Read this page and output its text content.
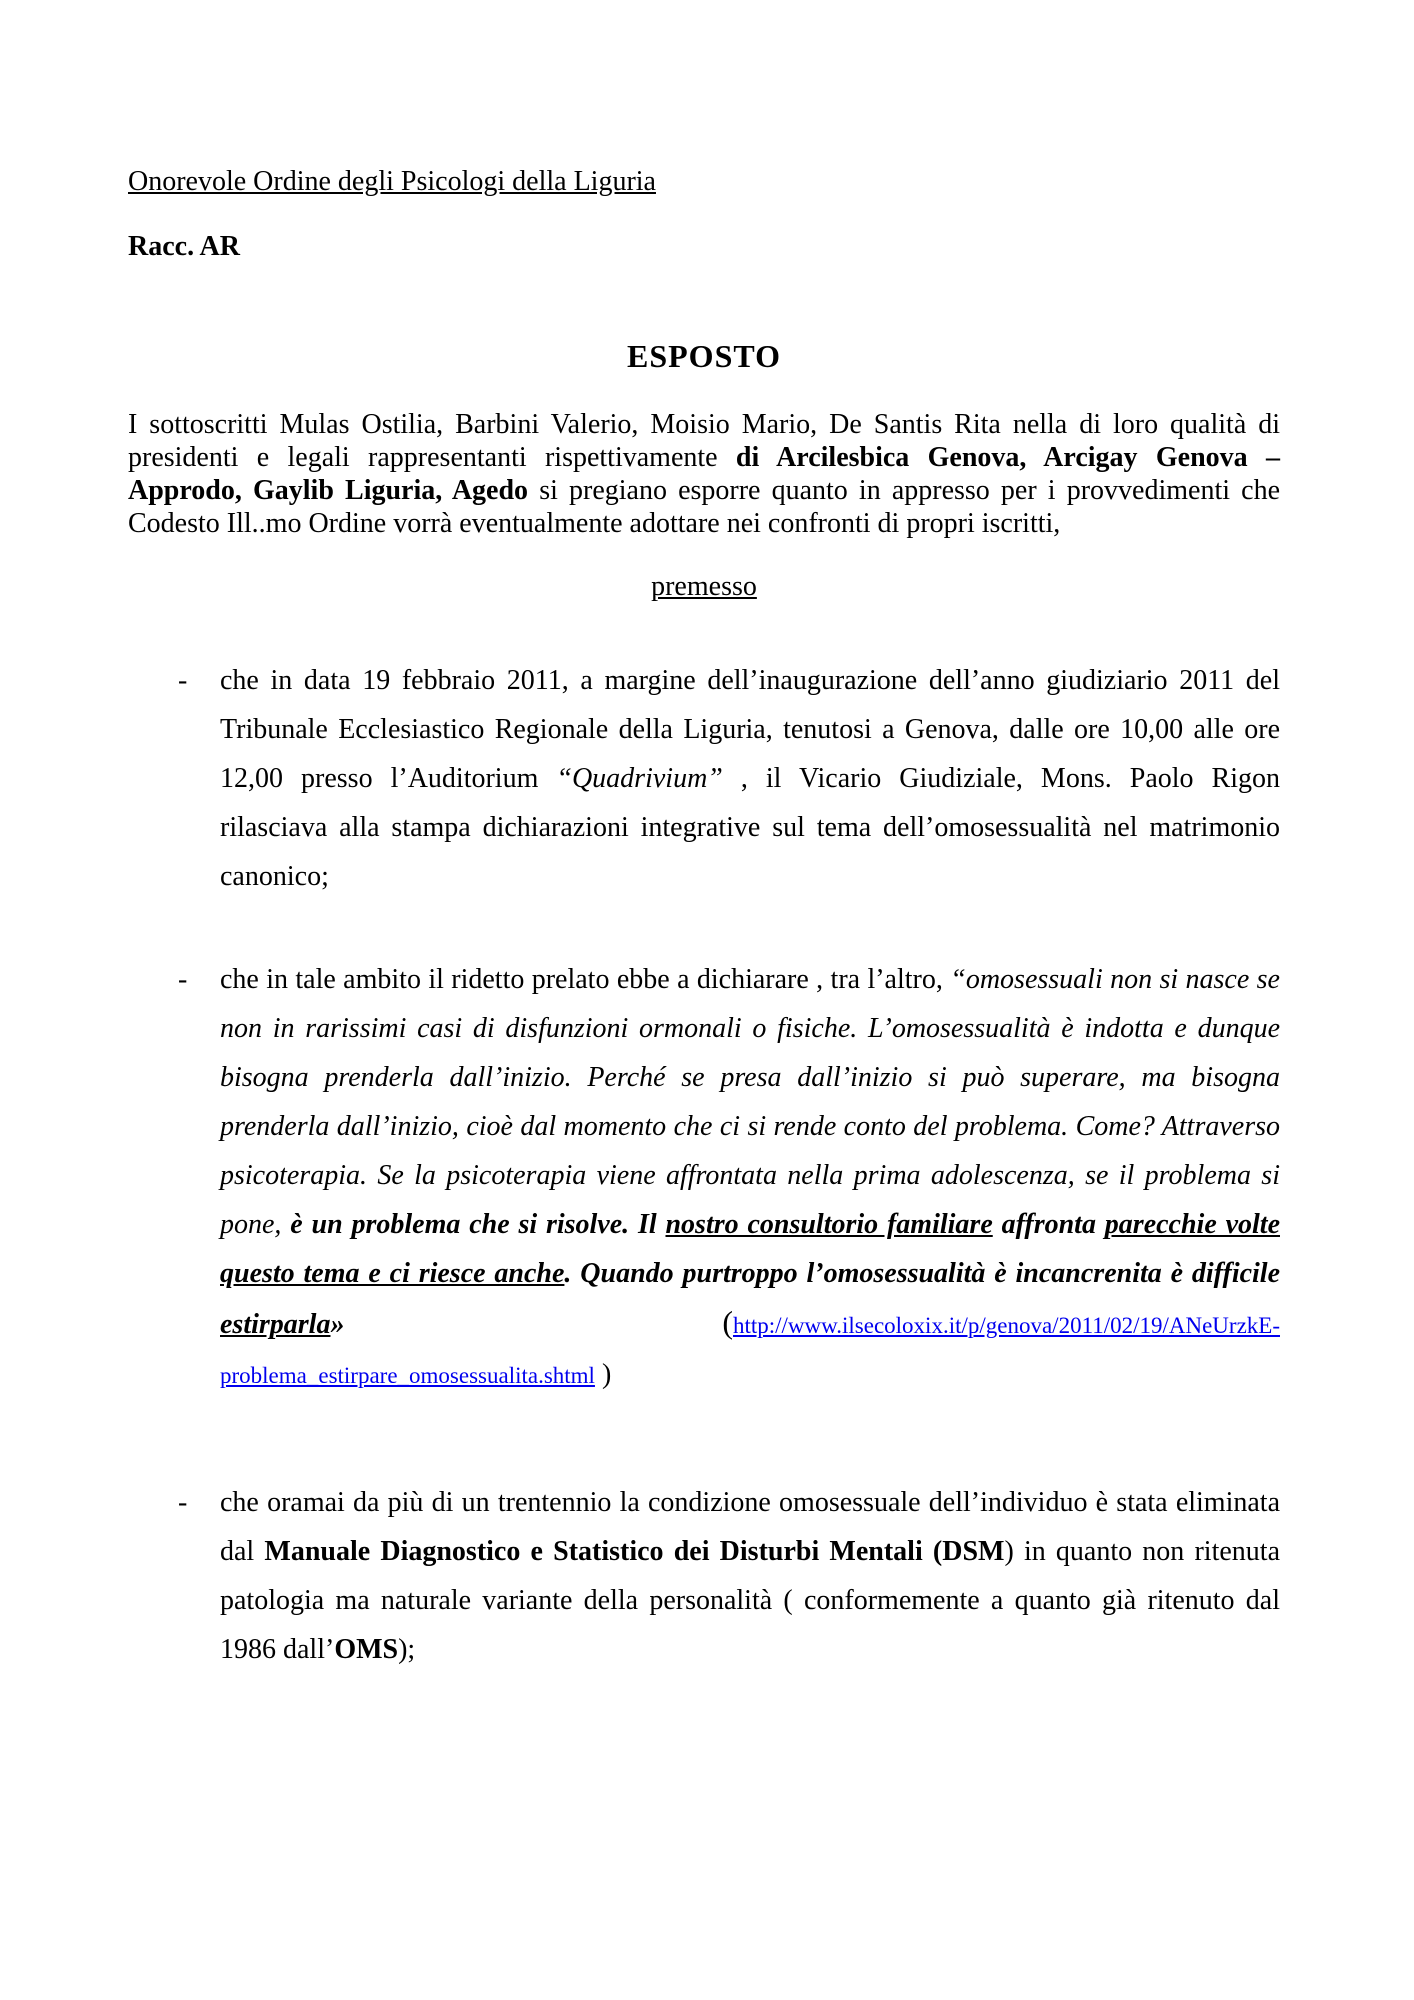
Onorevole Ordine degli Psicologi della Liguria

Racc. AR

ESPOSTO

I sottoscritti Mulas Ostilia, Barbini Valerio, Moisio Mario, De Santis Rita nella di loro qualità di presidenti e legali rappresentanti rispettivamente di Arcilesbica Genova, Arcigay Genova – Approdo, Gaylib Liguria, Agedo si pregiano esporre quanto in appresso per i provvedimenti che Codesto Ill..mo Ordine vorrà eventualmente adottare nei confronti di propri iscritti,

premesso

- che in data 19 febbraio 2011, a margine dell’inaugurazione dell’anno giudiziario 2011 del Tribunale Ecclesiastico Regionale della Liguria, tenutosi a Genova, dalle ore 10,00 alle ore 12,00 presso l’Auditorium “Quadrivium” , il Vicario Giudiziale, Mons. Paolo Rigon rilasciava alla stampa dichiarazioni integrative sul tema dell’omosessualità nel matrimonio canonico;
- che in tale ambito il ridetto prelato ebbe a dichiarare , tra l’altro, “omosessuali non si nasce se non in rarissimi casi di disfunzioni ormonali o fisiche. L’omosessualità è indotta e dunque bisogna prenderla dall’inizio. Perché se presa dall’inizio si può superare, ma bisogna prenderla dall’inizio, cioè dal momento che ci si rende conto del problema. Come? Attraverso psicoterapia. Se la psicoterapia viene affrontata nella prima adolescenza, se il problema si pone, è un problema che si risolve. Il nostro consultorio familiare affronta parecchie volte questo tema e ci riesce anche. Quando purtroppo l’omosessualità è incancrenita è difficile estirparla» (http://www.ilsecoloxix.it/p/genova/2011/02/19/ANeUrzkE-problema_estirpare_omosessualita.shtml )
- che oramai da più di un trentennio la condizione omosessuale dell’individuo è stata eliminata dal Manuale Diagnostico e Statistico dei Disturbi Mentali (DSM) in quanto non ritenuta patologia ma naturale variante della personalità ( conformemente a quanto già ritenuto dal 1986 dall’OMS);
